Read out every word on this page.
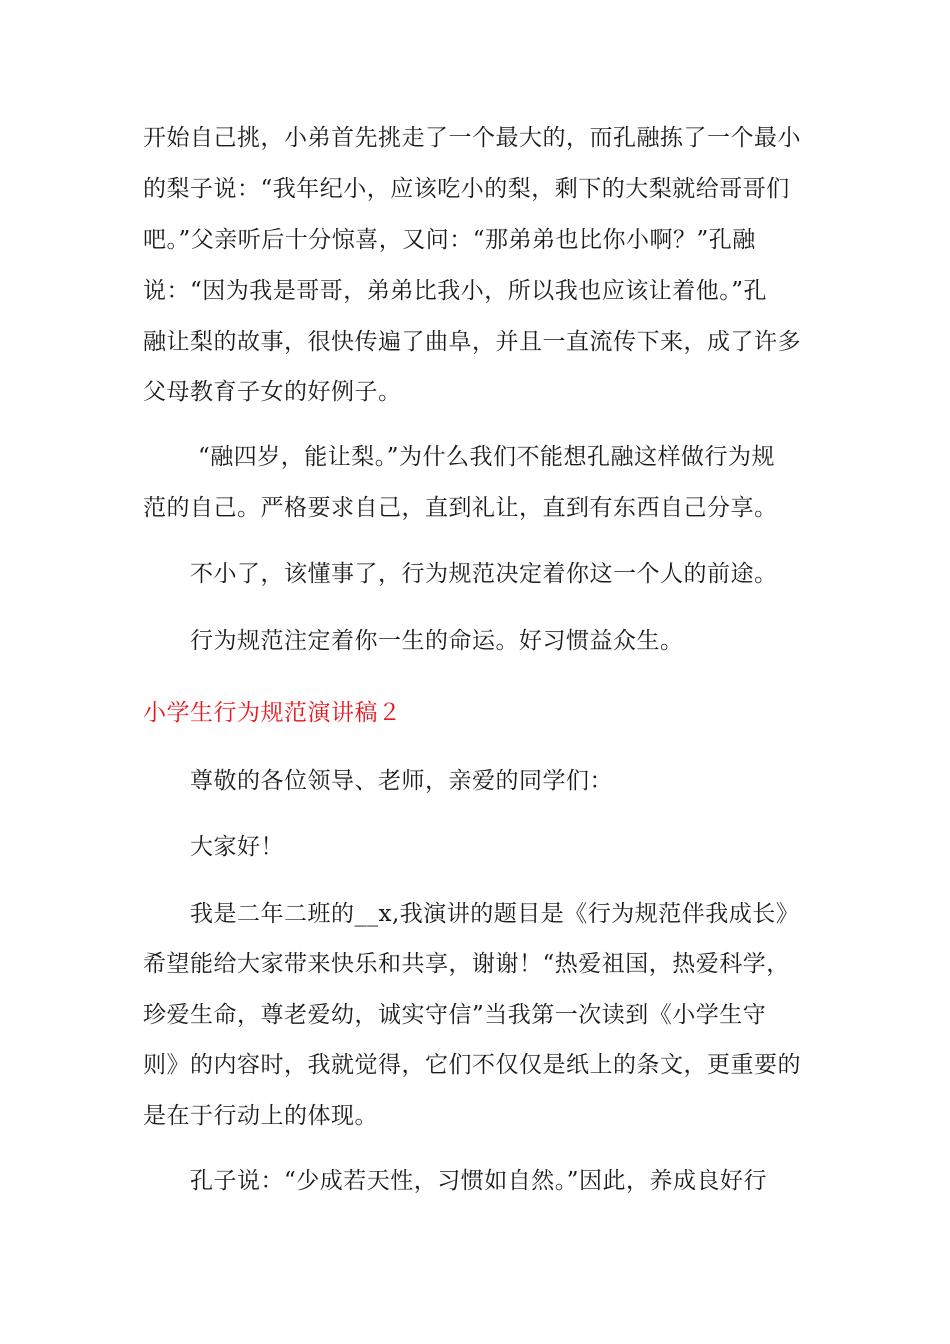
开始自己挑，小弟首先挑走了一个最大的，而孔融拣了一个最小
的梨子说：“我年纪小，应该吃小的梨，剩下的大梨就给哥哥们
吧。”父亲听后十分惊喜，又问：“那弟弟也比你小啊？”孔融
说：“因为我是哥哥，弟弟比我小，所以我也应该让着他。”孔
融让梨的故事，很快传遍了曲阜，并且一直流传下来，成了许多
父母教育子女的好例子。
“融四岁，能让梨。”为什么我们不能想孔融这样做行为规
范的自己。严格要求自己，直到礼让，直到有东西自己分享。
不小了，该懂事了，行为规范决定着你这一个人的前途。
行为规范注定着你一生的命运。好习惯益众生。
小学生行为规范演讲稿２
尊敬的各位领导、老师，亲爱的同学们：
大家好！
我是二年二班的__x,我演讲的题目是《行为规范伴我成长》
希望能给大家带来快乐和共享，谢谢！“热爱祖国，热爱科学，
珍爱生命，尊老爱幼，诚实守信”当我第一次读到《小学生守
则》的内容时，我就觉得，它们不仅仅是纸上的条文，更重要的
是在于行动上的体现。
孔子说：“少成若天性，习惯如自然。”因此，养成良好行
